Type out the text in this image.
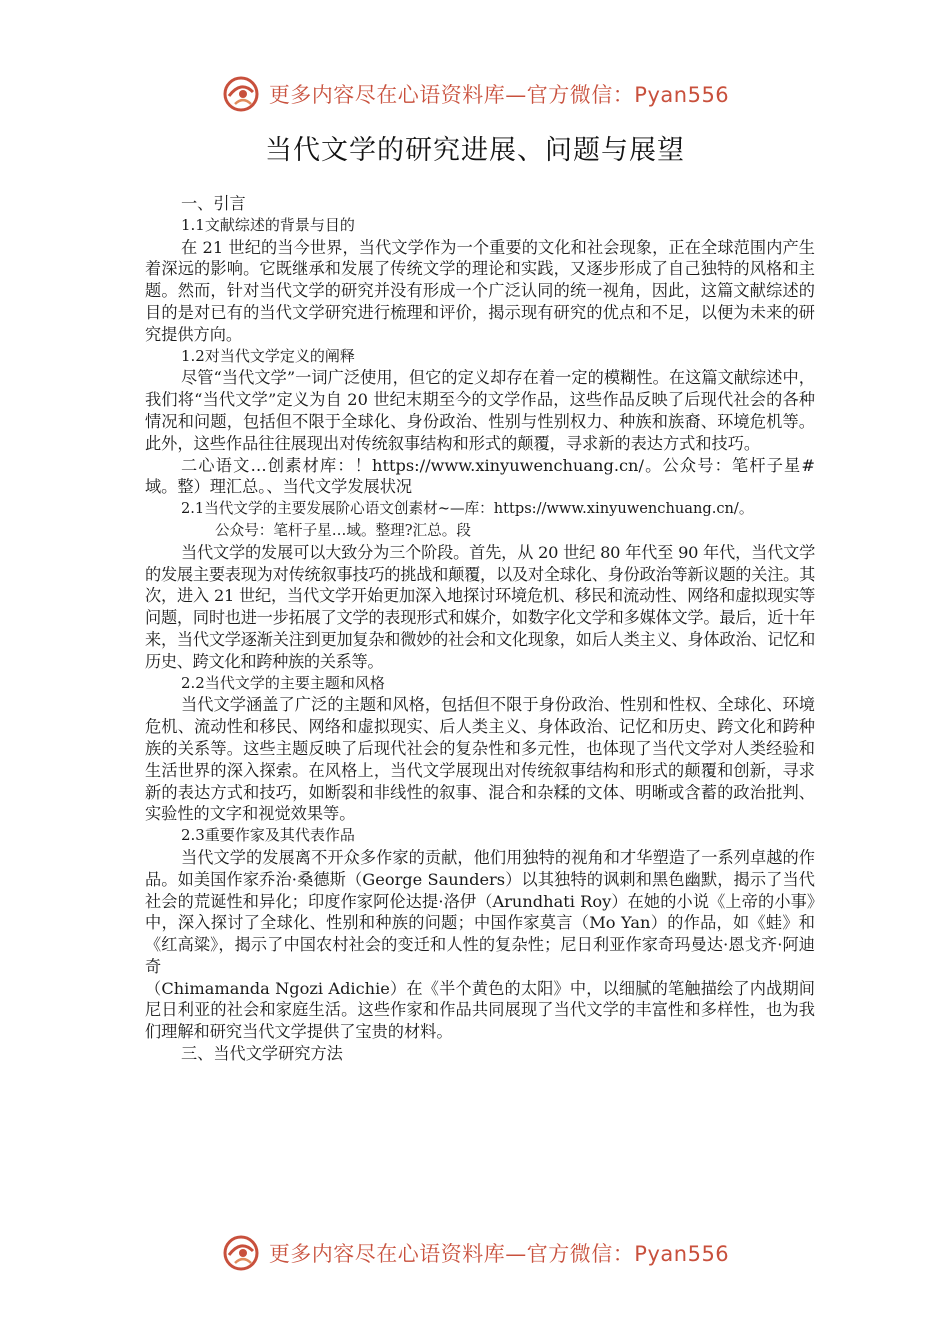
更多内容尽在心语资料库—官方微信：Pyan556
当代文学的研究进展、问题与展望
一、引言
1.1文献综述的背景与目的
在 21 世纪的当今世界，当代文学作为一个重要的文化和社会现象，正在全球范围内产生着深远的影响。它既继承和发展了传统文学的理论和实践，又逐步形成了自己独特的风格和主题。然而，针对当代文学的研究并没有形成一个广泛认同的统一视角，因此，这篇文献综述的目的是对已有的当代文学研究进行梳理和评价，揭示现有研究的优点和不足，以便为未来的研究提供方向。
1.2对当代文学定义的阐释
尽管“当代文学”一词广泛使用，但它的定义却存在着一定的模糊性。在这篇文献综述中，我们将“当代文学”定义为自 20 世纪末期至今的文学作品，这些作品反映了后现代社会的各种情况和问题，包括但不限于全球化、身份政治、性别与性别权力、种族和族裔、环境危机等。此外，这些作品往往展现出对传统叙事结构和形式的颠覆，寻求新的表达方式和技巧。
二心语文…创素材库：！https://www.xinyuwenchuang.cn/。公众号：笔杆子星#域。整）理汇总。、当代文学发展状况
2.1当代文学的主要发展阶心语文创素材~—库：https://www.xinyuwenchuang.cn/。
公众号：笔杆子星…域。整理?汇总。段
当代文学的发展可以大致分为三个阶段。首先，从 20 世纪 80 年代至 90 年代，当代文学的发展主要表现为对传统叙事技巧的挑战和颠覆，以及对全球化、身份政治等新议题的关注。其次，进入 21 世纪，当代文学开始更加深入地探讨环境危机、移民和流动性、网络和虚拟现实等问题，同时也进一步拓展了文学的表现形式和媒介，如数字化文学和多媒体文学。最后，近十年来，当代文学逐渐关注到更加复杂和微妙的社会和文化现象，如后人类主义、身体政治、记忆和历史、跨文化和跨种族的关系等。
2.2当代文学的主要主题和风格
当代文学涵盖了广泛的主题和风格，包括但不限于身份政治、性别和性权、全球化、环境危机、流动性和移民、网络和虚拟现实、后人类主义、身体政治、记忆和历史、跨文化和跨种族的关系等。这些主题反映了后现代社会的复杂性和多元性，也体现了当代文学对人类经验和生活世界的深入探索。在风格上，当代文学展现出对传统叙事结构和形式的颠覆和创新，寻求新的表达方式和技巧，如断裂和非线性的叙事、混合和杂糅的文体、明晰或含蓄的政治批判、实验性的文字和视觉效果等。
2.3重要作家及其代表作品
当代文学的发展离不开众多作家的贡献，他们用独特的视角和才华塑造了一系列卓越的作品。如美国作家乔治·桑德斯（George Saunders）以其独特的讽刺和黑色幽默，揭示了当代社会的荒诞性和异化；印度作家阿伦达提·洛伊（Arundhati Roy）在她的小说《上帝的小事》中，深入探讨了全球化、性别和种族的问题；中国作家莫言（Mo Yan）的作品，如《蛙》和《红高粱》，揭示了中国农村社会的变迁和人性的复杂性；尼日利亚作家奇玛曼达·恩戈齐·阿迪奇
（Chimamanda Ngozi Adichie）在《半个黄色的太阳》中，以细腻的笔触描绘了内战期间尼日利亚的社会和家庭生活。这些作家和作品共同展现了当代文学的丰富性和多样性，也为我们理解和研究当代文学提供了宝贵的材料。
三、当代文学研究方法
更多内容尽在心语资料库—官方微信：Pyan556
